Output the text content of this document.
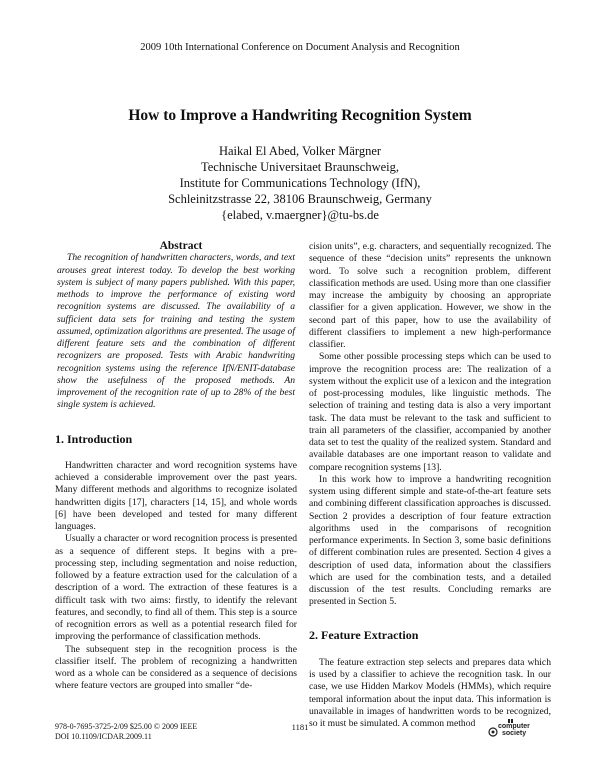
2009 10th International Conference on Document Analysis and Recognition
How to Improve a Handwriting Recognition System
Haikal El Abed, Volker Märgner
Technische Universitaet Braunschweig,
Institute for Communications Technology (IfN),
Schleinitzstrasse 22, 38106 Braunschweig, Germany
{elabed, v.maergner}@tu-bs.de

Abstract

The recognition of handwritten characters, words, and text arouses great interest today. To develop the best working system is subject of many papers published. With this paper, methods to improve the performance of existing word recognition systems are discussed. The availability of a sufficient data sets for training and testing the system assumed, optimization algorithms are presented. The usage of different feature sets and the combination of different recognizers are proposed. Tests with Arabic handwriting recognition systems using the reference IfN/ENIT-database show the usefulness of the proposed methods. An improvement of the recognition rate of up to 28% of the best single system is achieved.

1. Introduction

Handwritten character and word recognition systems have achieved a considerable improvement over the past years. Many different methods and algorithms to recognize isolated handwritten digits [17], characters [14, 15], and whole words [6] have been developed and tested for many different languages.

Usually a character or word recognition process is presented as a sequence of different steps. It begins with a pre-processing step, including segmentation and noise reduction, followed by a feature extraction used for the calculation of a description of a word. The extraction of these features is a difficult task with two aims: firstly, to identify the relevant features, and secondly, to find all of them. This step is a source of recognition errors as well as a potential research filed for improving the performance of classification methods.

The subsequent step in the recognition process is the classifier itself. The problem of recognizing a handwritten word as a whole can be considered as a sequence of decisions where feature vectors are grouped into smaller “de-

cision units”, e.g. characters, and sequentially recognized. The sequence of these “decision units” represents the unknown word. To solve such a recognition problem, different classification methods are used. Using more than one classifier may increase the ambiguity by choosing an appropriate classifier for a given application. However, we show in the second part of this paper, how to use the availability of different classifiers to implement a new high-performance classifier.

Some other possible processing steps which can be used to improve the recognition process are: The realization of a system without the explicit use of a lexicon and the integration of post-processing modules, like linguistic methods. The selection of training and testing data is also a very important task. The data must be relevant to the task and sufficient to train all parameters of the classifier, accompanied by another data set to test the quality of the realized system. Standard and available databases are one important reason to validate and compare recognition systems [13].

In this work how to improve a handwriting recognition system using different simple and state-of-the-art feature sets and combining different classification approaches is discussed. Section 2 provides a description of four feature extraction algorithms used in the comparisons of recognition performance experiments. In Section 3, some basic definitions of different combination rules are presented. Section 4 gives a description of used data, information about the classifiers which are used for the combination tests, and a detailed discussion of the test results. Concluding remarks are presented in Section 5.

2. Feature Extraction

The feature extraction step selects and prepares data which is used by a classifier to achieve the recognition task. In our case, we use Hidden Markov Models (HMMs), which require temporal information about the input data. This information is unavailable in images of handwritten words to be recognized, so it must be simulated. A common method

978-0-7695-3725-2/09 $25.00 © 2009 IEEE
DOI 10.1109/ICDAR.2009.11
1181	computer
society
